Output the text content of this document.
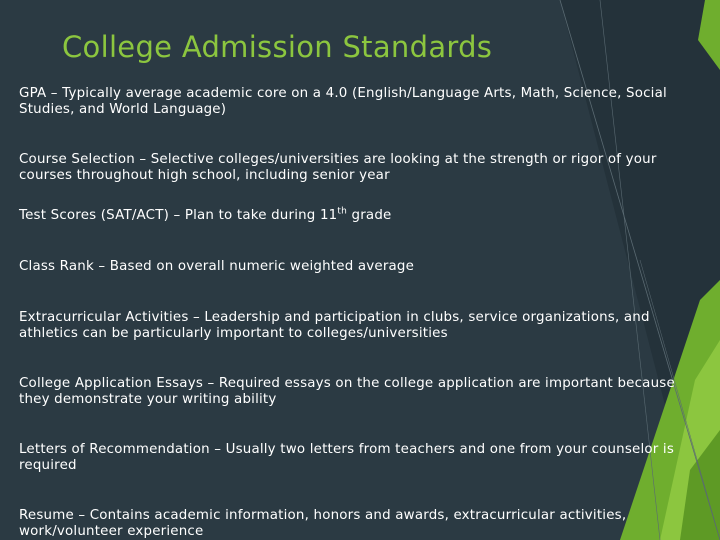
College Admission Standards
GPA – Typically average academic core on a 4.0 (English/Language Arts, Math, Science, Social Studies, and World Language)
Course Selection – Selective colleges/universities are looking at the strength or rigor of your courses throughout high school, including senior year
Test Scores (SAT/ACT) – Plan to take during 11th grade
Class Rank – Based on overall numeric weighted average
Extracurricular Activities – Leadership and participation in clubs, service organizations, and athletics can be particularly important to colleges/universities
College Application Essays – Required essays on the college application are important because they demonstrate your writing ability
Letters of Recommendation – Usually two letters from teachers and one from your counselor is required
Resume – Contains academic information, honors and awards, extracurricular activities, work/volunteer experience
